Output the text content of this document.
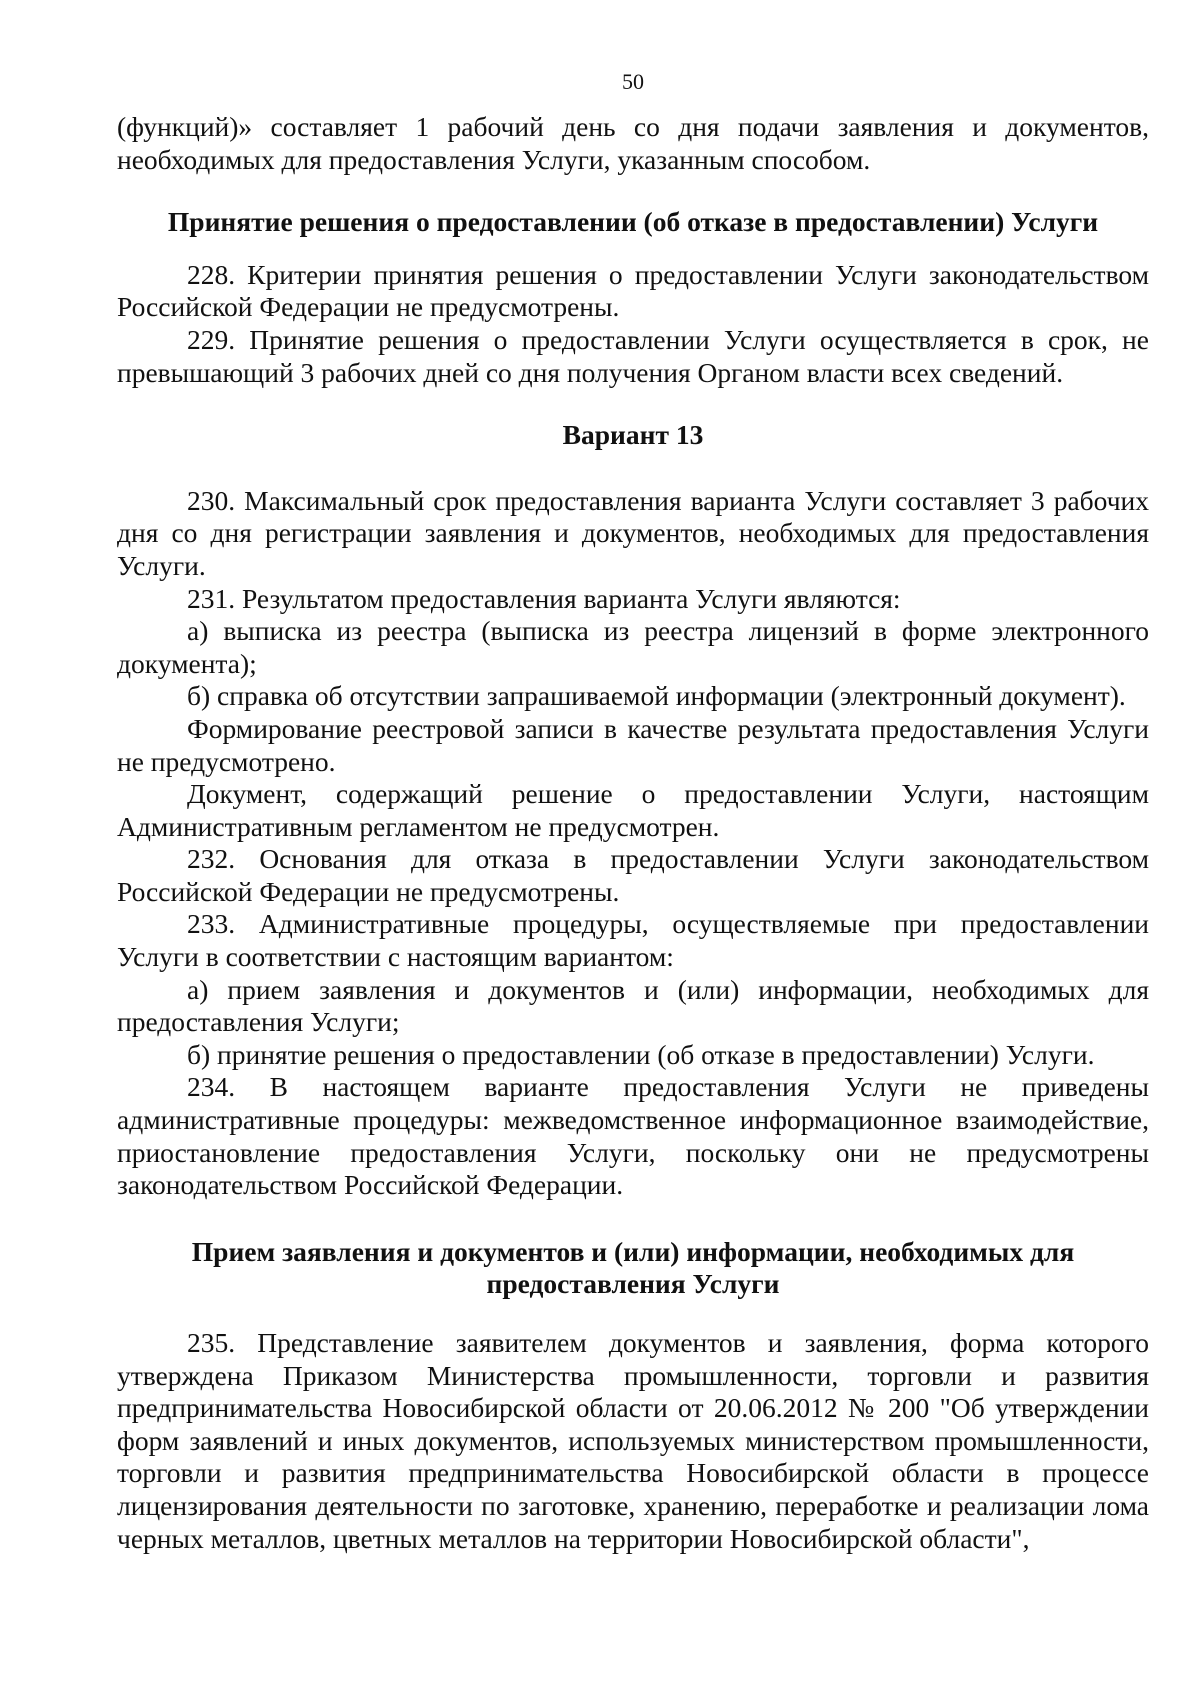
50

(функций)» составляет 1 рабочий день со дня подачи заявления и документов, необходимых для предоставления Услуги, указанным способом.

Принятие решения о предоставлении (об отказе в предоставлении) Услуги

228. Критерии принятия решения о предоставлении Услуги законодательством Российской Федерации не предусмотрены.

229. Принятие решения о предоставлении Услуги осуществляется в срок, не превышающий 3 рабочих дней со дня получения Органом власти всех сведений.

Вариант 13

230. Максимальный срок предоставления варианта Услуги составляет 3 рабочих дня со дня регистрации заявления и документов, необходимых для предоставления Услуги.

231. Результатом предоставления варианта Услуги являются:

а) выписка из реестра (выписка из реестра лицензий в форме электронного документа);

б) справка об отсутствии запрашиваемой информации (электронный документ).

Формирование реестровой записи в качестве результата предоставления Услуги не предусмотрено.

Документ, содержащий решение о предоставлении Услуги, настоящим Административным регламентом не предусмотрен.

232. Основания для отказа в предоставлении Услуги законодательством Российской Федерации не предусмотрены.

233. Административные процедуры, осуществляемые при предоставлении Услуги в соответствии с настоящим вариантом:

а) прием заявления и документов и (или) информации, необходимых для предоставления Услуги;

б) принятие решения о предоставлении (об отказе в предоставлении) Услуги.

234. В настоящем варианте предоставления Услуги не приведены административные процедуры: межведомственное информационное взаимодействие, приостановление предоставления Услуги, поскольку они не предусмотрены законодательством Российской Федерации.

Прием заявления и документов и (или) информации, необходимых для
предоставления Услуги

235. Представление заявителем документов и заявления, форма которого утверждена Приказом Министерства промышленности, торговли и развития предпринимательства Новосибирской области от 20.06.2012 № 200 "Об утверждении форм заявлений и иных документов, используемых министерством промышленности, торговли и развития предпринимательства Новосибирской области в процессе лицензирования деятельности по заготовке, хранению, переработке и реализации лома черных металлов, цветных металлов на территории Новосибирской области",
